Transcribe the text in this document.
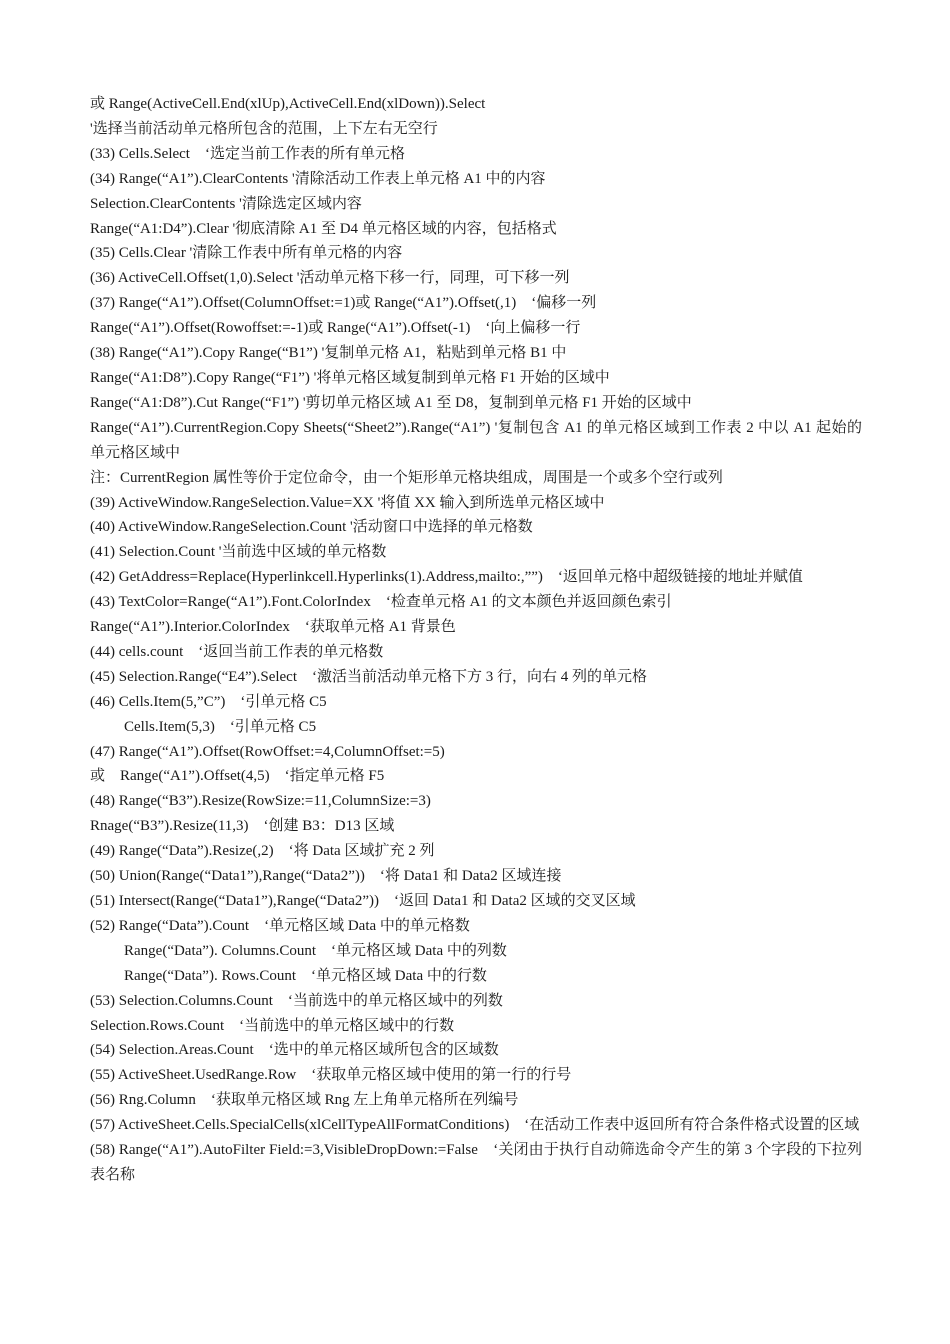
或 Range(ActiveCell.End(xlUp),ActiveCell.End(xlDown)).Select
'选择当前活动单元格所包含的范围，上下左右无空行
(33) Cells.Select　‘选定当前工作表的所有单元格
(34) Range(“A1”).ClearContents '清除活动工作表上单元格 A1 中的内容
Selection.ClearContents '清除选定区域内容
Range(“A1:D4”).Clear '彻底清除 A1 至 D4 单元格区域的内容，包括格式
(35) Cells.Clear '清除工作表中所有单元格的内容
(36) ActiveCell.Offset(1,0).Select '活动单元格下移一行，同理，可下移一列
(37) Range(“A1”).Offset(ColumnOffset:=1)或 Range(“A1”).Offset(,1)　‘偏移一列
Range(“A1”).Offset(Rowoffset:=-1)或 Range(“A1”).Offset(-1)　‘向上偏移一行
(38) Range(“A1”).Copy Range(“B1”) '复制单元格 A1，粘贴到单元格 B1 中
Range(“A1:D8”).Copy Range(“F1”) '将单元格区域复制到单元格 F1 开始的区域中
Range(“A1:D8”).Cut Range(“F1”) '剪切单元格区域 A1 至 D8，复制到单元格 F1 开始的区域中
Range(“A1”).CurrentRegion.Copy Sheets(“Sheet2”).Range(“A1”) '复制包含 A1 的单元格区域到工作表 2 中以 A1 起始的单元格区域中
注：CurrentRegion 属性等价于定位命令，由一个矩形单元格块组成，周围是一个或多个空行或列
(39) ActiveWindow.RangeSelection.Value=XX '将值 XX 输入到所选单元格区域中
(40) ActiveWindow.RangeSelection.Count '活动窗口中选择的单元格数
(41) Selection.Count '当前选中区域的单元格数
(42) GetAddress=Replace(Hyperlinkcell.Hyperlinks(1).Address,mailto:,””)　‘返回单元格中超级链接的地址并赋值
(43) TextColor=Range(“A1”).Font.ColorIndex　‘检查单元格 A1 的文本颜色并返回颜色索引
Range(“A1”).Interior.ColorIndex　‘获取单元格 A1 背景色
(44) cells.count　‘返回当前工作表的单元格数
(45) Selection.Range(“E4”).Select　‘激活当前活动单元格下方 3 行，向右 4 列的单元格
(46) Cells.Item(5,”C”)　‘引单元格 C5
Cells.Item(5,3)　‘引单元格 C5
(47) Range(“A1”).Offset(RowOffset:=4,ColumnOffset:=5)
或　Range(“A1”).Offset(4,5)　‘指定单元格 F5
(48) Range(“B3”).Resize(RowSize:=11,ColumnSize:=3)
Rnage(“B3”).Resize(11,3)　‘创建 B3：D13 区域
(49) Range(“Data”).Resize(,2)　‘将 Data 区域扩充 2 列
(50) Union(Range(“Data1”),Range(“Data2”))　‘将 Data1 和 Data2 区域连接
(51) Intersect(Range(“Data1”),Range(“Data2”))　‘返回 Data1 和 Data2 区域的交叉区域
(52) Range(“Data”).Count　‘单元格区域 Data 中的单元格数
Range(“Data”). Columns.Count　‘单元格区域 Data 中的列数
Range(“Data”). Rows.Count　‘单元格区域 Data 中的行数
(53) Selection.Columns.Count　‘当前选中的单元格区域中的列数
Selection.Rows.Count　‘当前选中的单元格区域中的行数
(54) Selection.Areas.Count　‘选中的单元格区域所包含的区域数
(55) ActiveSheet.UsedRange.Row　‘获取单元格区域中使用的第一行的行号
(56) Rng.Column　‘获取单元格区域 Rng 左上角单元格所在列编号
(57) ActiveSheet.Cells.SpecialCells(xlCellTypeAllFormatConditions)　‘在活动工作表中返回所有符合条件格式设置的区域
(58) Range(“A1”).AutoFilter Field:=3,VisibleDropDown:=False　‘关闭由于执行自动筛选命令产生的第 3 个字段的下拉列表名称
